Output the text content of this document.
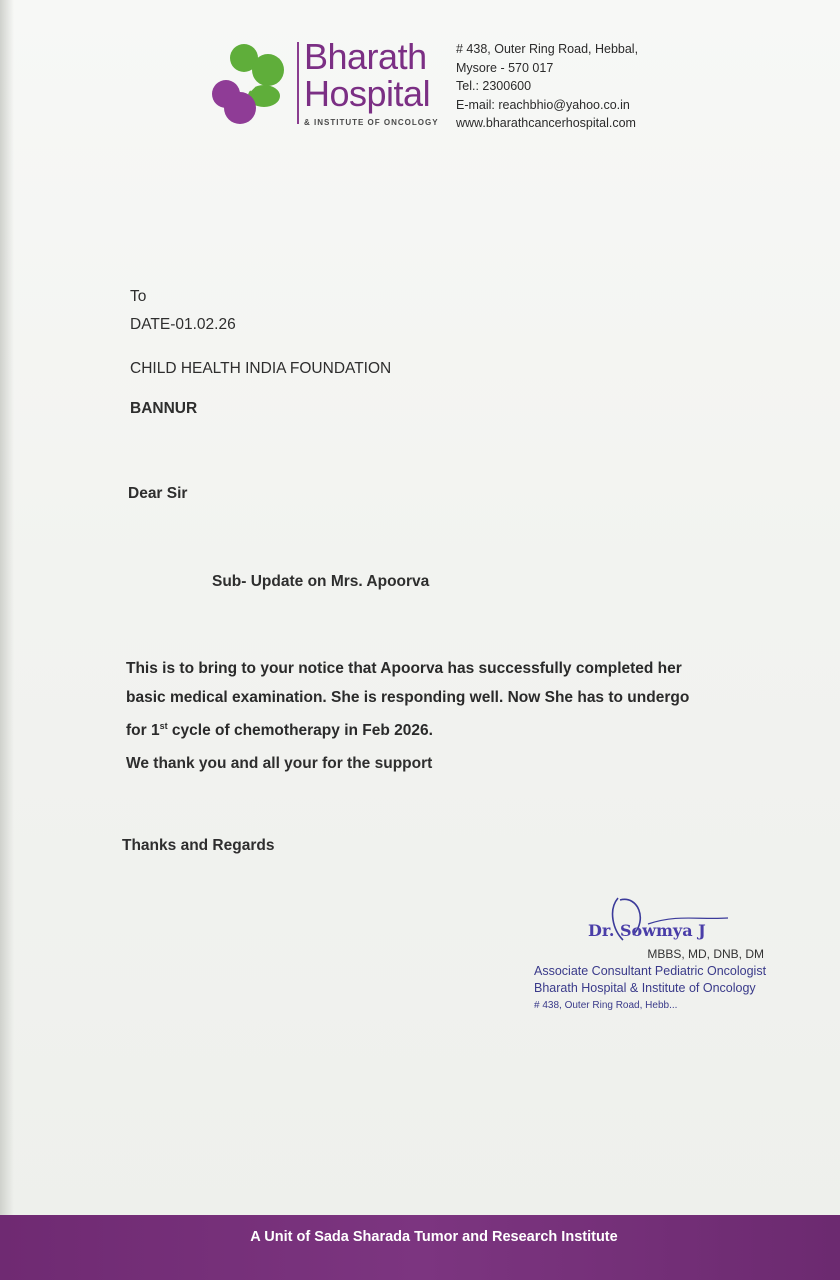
Bharath
Hospital
& INSTITUTE OF ONCOLOGY
# 438, Outer Ring Road, Hebbal,
Mysore - 570 017
Tel.: 2300600
E-mail: reachbhio@yahoo.co.in
www.bharathcancerhospital.com
To
DATE-01.02.26
CHILD HEALTH INDIA FOUNDATION
BANNUR
Dear Sir
Sub- Update on Mrs. Apoorva
This is to bring to your notice that Apoorva has successfully completed her
basic medical examination. She is responding well. Now She has to undergo
for 1st cycle of chemotherapy in Feb 2026.
We thank you and all your for the support
Thanks and Regards
Dr. Sowmya J
MBBS, MD, DNB, DM
Associate Consultant Pediatric Oncologist
Bharath Hospital & Institute of Oncology
# 438, Outer Ring Road, Hebb...
A Unit of Sada Sharada Tumor and Research Institute
